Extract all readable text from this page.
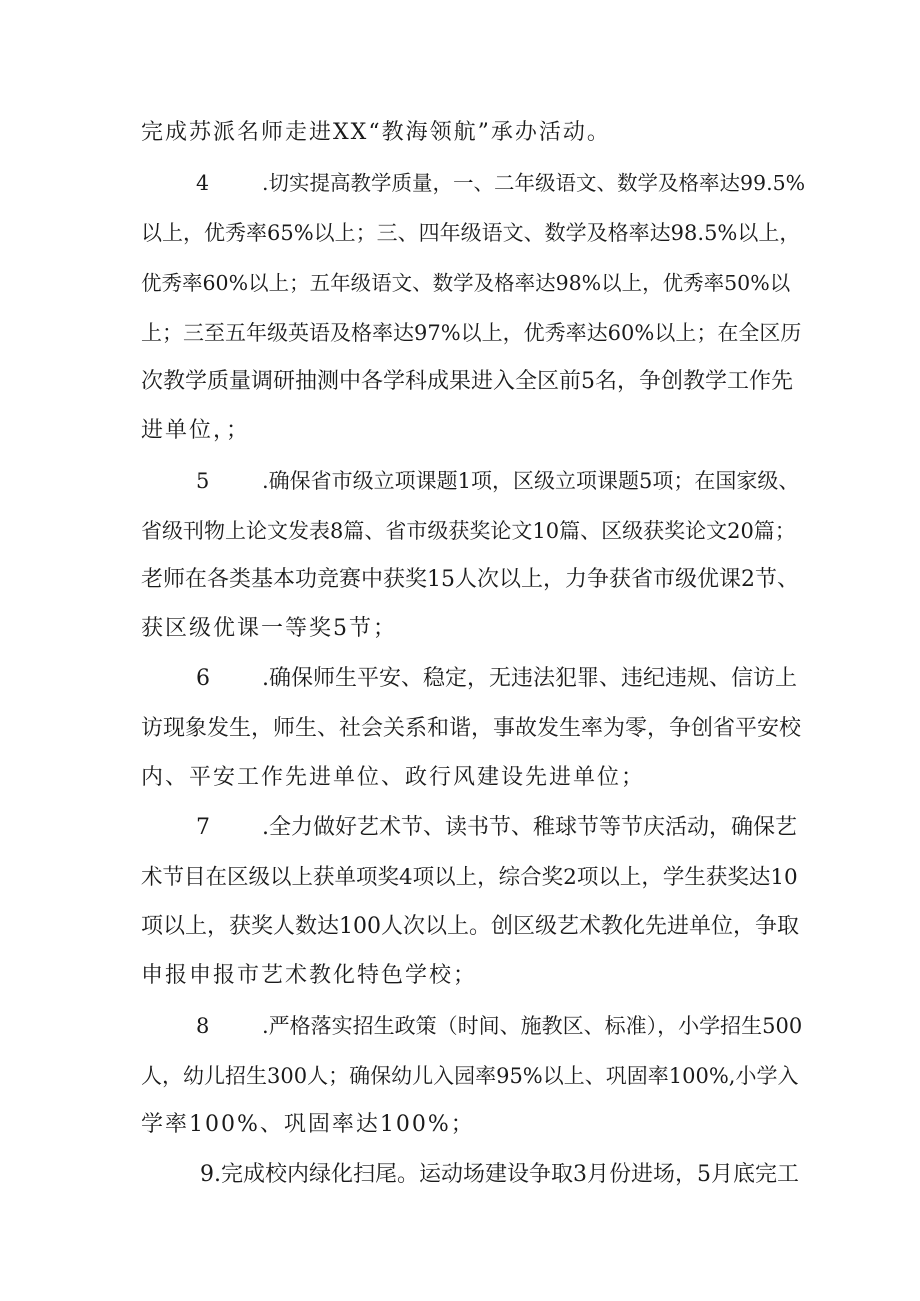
完成苏派名师走进XX“教海领航”承办活动。
4	.切实提高教学质量，一、二年级语文、数学及格率达99.5%
以上，优秀率65%以上；三、四年级语文、数学及格率达98.5%以上，
优秀率60%以上；五年级语文、数学及格率达98%以上，优秀率50%以
上；三至五年级英语及格率达97%以上，优秀率达60%以上；在全区历
次教学质量调研抽测中各学科成果进入全区前5名，争创教学工作先
进单位，；
5	.确保省市级立项课题1项，区级立项课题5项；在国家级、
省级刊物上论文发表8篇、省市级获奖论文10篇、区级获奖论文20篇；
老师在各类基本功竞赛中获奖15人次以上，力争获省市级优课2节、
获区级优课一等奖5节；
6 .确保师生平安、稳定，无违法犯罪、违纪违规、信访上
访现象发生，师生、社会关系和谐，事故发生率为零，争创省平安校
内、平安工作先进单位、政行风建设先进单位；
7 .全力做好艺术节、读书节、稚球节等节庆活动，确保艺
术节目在区级以上获单项奖4项以上，综合奖2项以上，学生获奖达10
项以上，获奖人数达100人次以上。创区级艺术教化先进单位，争取
申报申报市艺术教化特色学校；
8	.严格落实招生政策（时间、施教区、标准），小学招生500
人，幼儿招生300人；确保幼儿入园率95%以上、巩固率100%,小学入
学率100%、巩固率达100%；
9.完成校内绿化扫尾。运动场建设争取3月份进场，5月底完工
